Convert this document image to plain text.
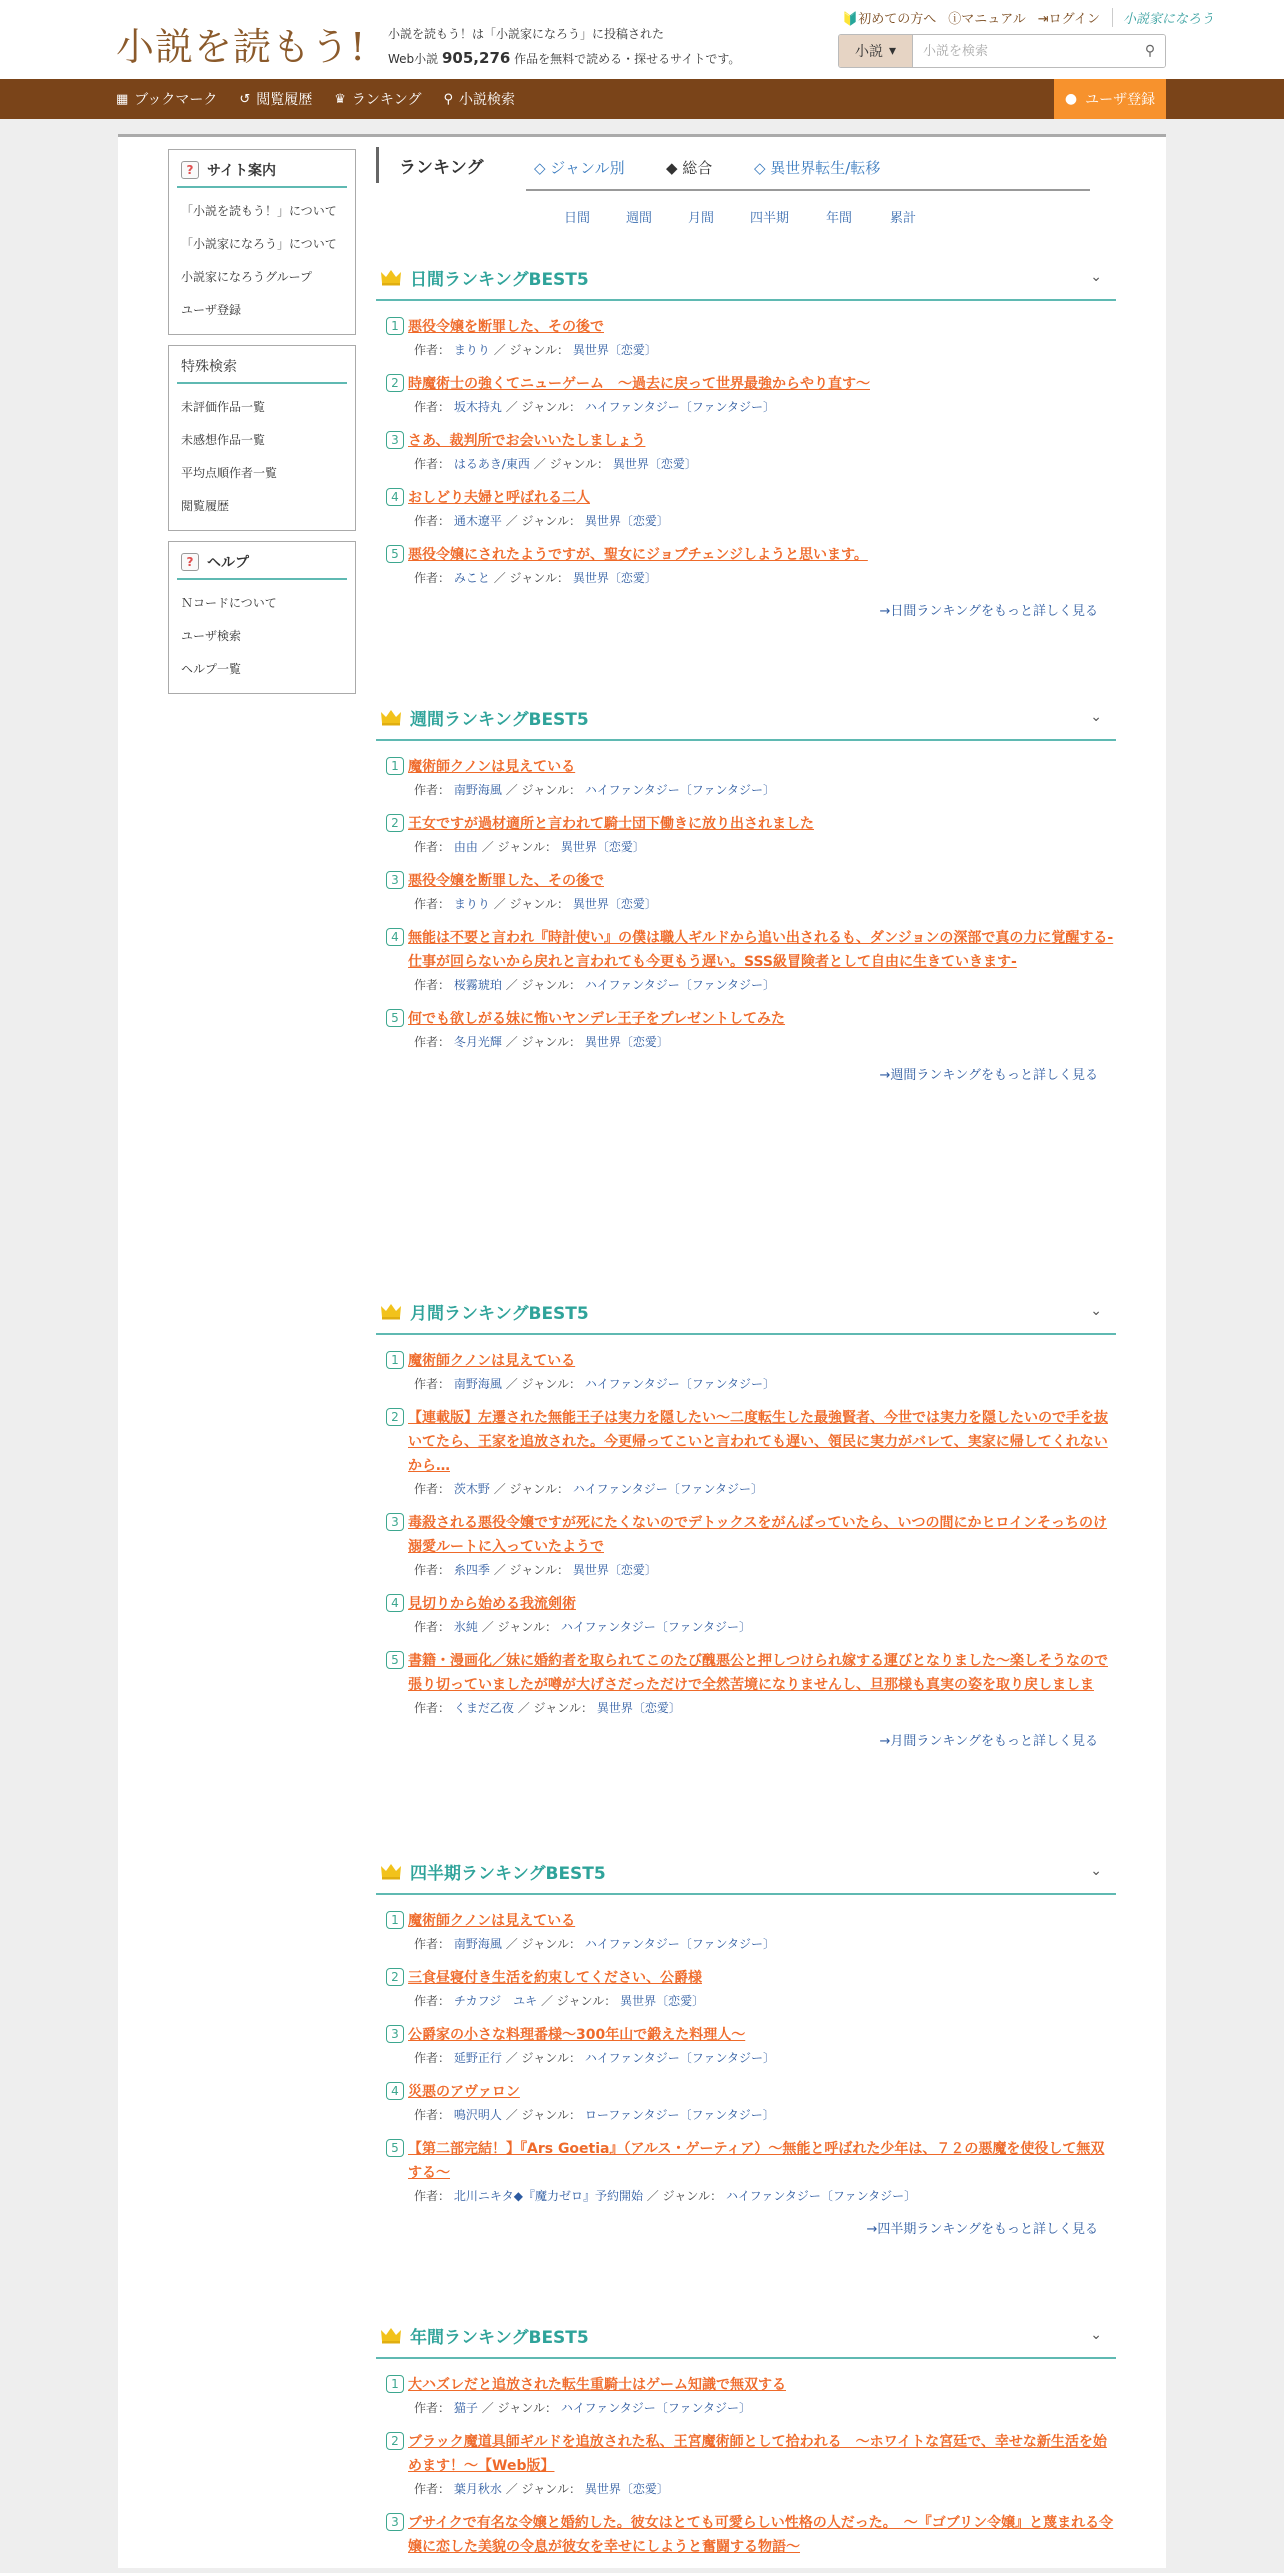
小説を読もう! 小説を読もう！は「小説家になろう」に投稿された
Web小説 905,276 作品を無料で読める・探せるサイトです。
🔰初めての方へ ⓘマニュアル ⇥ログイン	小説家になろう
小説 ▾
小説を検索	⚲
▦ ブックマーク ↺ 閲覧履歴 ♛ ランキング ⚲ 小説検索	● ユーザ登録
? サイト案内
「小説を読もう！」について
「小説家になろう」について
小説家になろうグループ
ユーザ登録
特殊検索
未評価作品一覧
未感想作品一覧
平均点順作者一覧
閲覧履歴
? ヘルプ
Ｎコードについて
ユーザ検索
ヘルプ一覧
ランキング	◇ ジャンル別	◆ 総合	◇ 異世界転生/転移
日間	週間	月間	四半期	年間	累計
日間ランキングBEST5	⌄
1 悪役令嬢を断罪した、その後で
作者： まりり ／ ジャンル： 異世界〔恋愛〕
2 時魔術士の強くてニューゲーム　～過去に戻って世界最強からやり直す～
作者： 坂木持丸 ／ ジャンル： ハイファンタジー〔ファンタジー〕
3 さあ、裁判所でお会いいたしましょう
作者： はるあき/東西 ／ ジャンル： 異世界〔恋愛〕
4 おしどり夫婦と呼ばれる二人
作者： 通木遼平 ／ ジャンル： 異世界〔恋愛〕
5 悪役令嬢にされたようですが、聖女にジョブチェンジしようと思います。
作者： みこと ／ ジャンル： 異世界〔恋愛〕
→日間ランキングをもっと詳しく見る
週間ランキングBEST5	⌄
1 魔術師クノンは見えている
作者： 南野海風 ／ ジャンル： ハイファンタジー〔ファンタジー〕
2 王女ですが過材適所と言われて騎士団下働きに放り出されました
作者： 由由 ／ ジャンル： 異世界〔恋愛〕
3 悪役令嬢を断罪した、その後で
作者： まりり ／ ジャンル： 異世界〔恋愛〕
4 無能は不要と言われ『時計使い』の僕は職人ギルドから追い出されるも、ダンジョンの深部で真の力に覚醒する-仕事が回らないから戻れと言われても今更もう遅い。SSS級冒険者として自由に生きていきます-
作者： 桜霧琥珀 ／ ジャンル： ハイファンタジー〔ファンタジー〕
5 何でも欲しがる妹に怖いヤンデレ王子をプレゼントしてみた
作者： 冬月光輝 ／ ジャンル： 異世界〔恋愛〕
→週間ランキングをもっと詳しく見る
月間ランキングBEST5	⌄
1 魔術師クノンは見えている
作者： 南野海風 ／ ジャンル： ハイファンタジー〔ファンタジー〕
2 【連載版】左遷された無能王子は実力を隠したい～二度転生した最強賢者、今世では実力を隠したいので手を抜いてたら、王家を追放された。今更帰ってこいと言われても遅い、領民に実力がバレて、実家に帰してくれないから…
作者： 茨木野 ／ ジャンル： ハイファンタジー〔ファンタジー〕
3 毒殺される悪役令嬢ですが死にたくないのでデトックスをがんばっていたら、いつの間にかヒロインそっちのけ溺愛ルートに入っていたようで
作者： 糸四季 ／ ジャンル： 異世界〔恋愛〕
4 見切りから始める我流剣術
作者： 氷純 ／ ジャンル： ハイファンタジー〔ファンタジー〕
5 書籍・漫画化／妹に婚約者を取られてこのたび醜悪公と押しつけられ嫁する運びとなりました～楽しそうなので張り切っていましたが噂が大げさだっただけで全然苦境になりませんし、旦那様も真実の姿を取り戻しましま
作者： くまだ乙夜 ／ ジャンル： 異世界〔恋愛〕
→月間ランキングをもっと詳しく見る
四半期ランキングBEST5	⌄
1 魔術師クノンは見えている
作者： 南野海風 ／ ジャンル： ハイファンタジー〔ファンタジー〕
2 三食昼寝付き生活を約束してください、公爵様
作者： チカフジ　ユキ ／ ジャンル： 異世界〔恋愛〕
3 公爵家の小さな料理番様～300年山で鍛えた料理人～
作者： 延野正行 ／ ジャンル： ハイファンタジー〔ファンタジー〕
4 災悪のアヴァロン
作者： 鳴沢明人 ／ ジャンル： ローファンタジー〔ファンタジー〕
5 【第二部完結！】『Ars Goetia』（アルス・ゲーティア）～無能と呼ばれた少年は、７２の悪魔を使役して無双する～
作者： 北川ニキタ◆『魔力ゼロ』予約開始 ／ ジャンル： ハイファンタジー〔ファンタジー〕
→四半期ランキングをもっと詳しく見る
年間ランキングBEST5	⌄
1 大ハズレだと追放された転生重騎士はゲーム知識で無双する
作者： 猫子 ／ ジャンル： ハイファンタジー〔ファンタジー〕
2 ブラック魔道具師ギルドを追放された私、王宮魔術師として拾われる　～ホワイトな宮廷で、幸せな新生活を始めます！～【Web版】
作者： 葉月秋水 ／ ジャンル： 異世界〔恋愛〕
3 ブサイクで有名な令嬢と婚約した。彼女はとても可愛らしい性格の人だった。　～『ゴブリン令嬢』と蔑まれる令嬢に恋した美貌の令息が彼女を幸せにしようと奮闘する物語～
